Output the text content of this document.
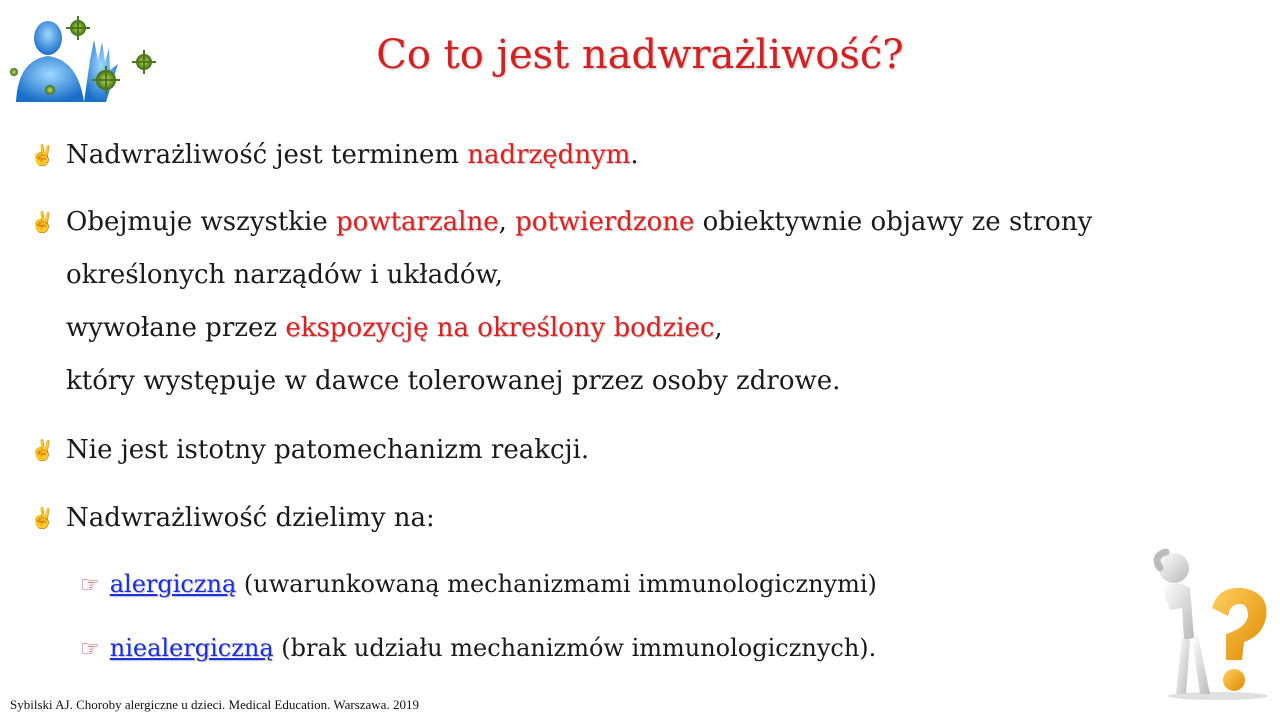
Co to jest nadwrażliwość?
✌ Nadwrażliwość jest terminem nadrzędnym.
✌ Obejmuje wszystkie powtarzalne, potwierdzone obiektywnie objawy ze strony
określonych narządów i układów,
wywołane przez ekspozycję na określony bodziec,
który występuje w dawce tolerowanej przez osoby zdrowe.
✌ Nie jest istotny patomechanizm reakcji.
✌ Nadwrażliwość dzielimy na:
☞ alergiczną (uwarunkowaną mechanizmami immunologicznymi)
☞ niealergiczną (brak udziału mechanizmów immunologicznych).
Sybilski AJ. Choroby alergiczne u dzieci. Medical Education. Warszawa. 2019
